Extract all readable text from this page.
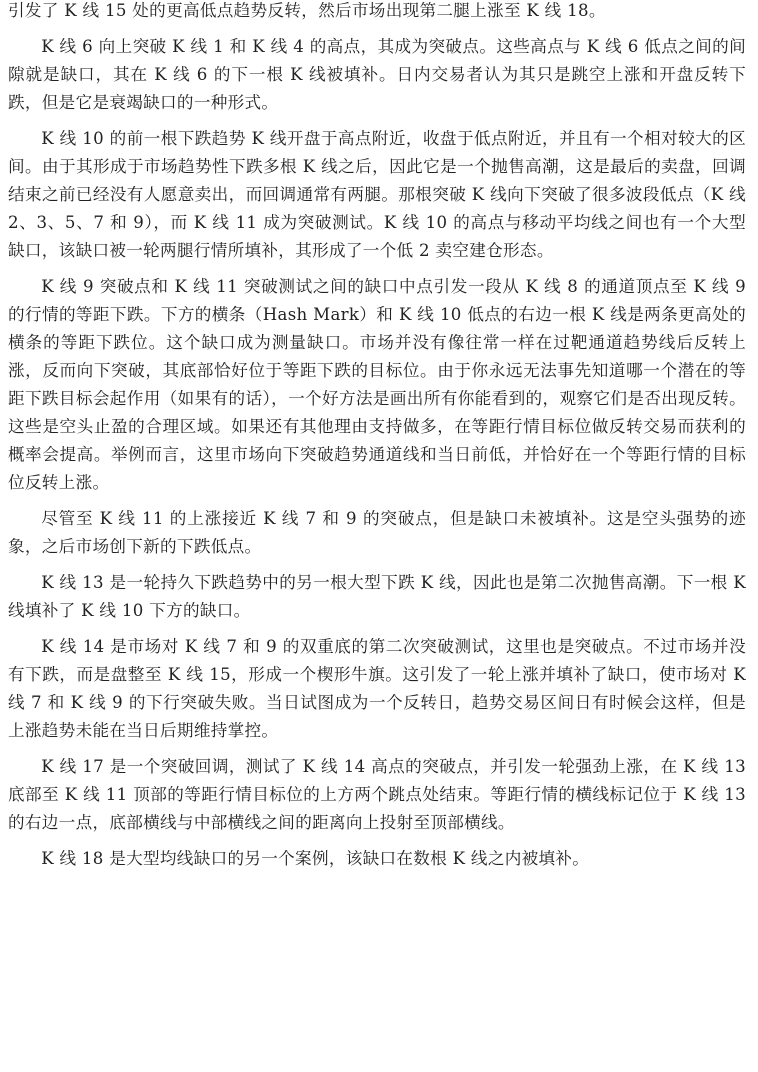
引发了 K 线 15 处的更高低点趋势反转，然后市场出现第二腿上涨至 K 线 18。

K 线 6 向上突破 K 线 1 和 K 线 4 的高点，其成为突破点。这些高点与 K 线 6 低点之间的间隙就是缺口，其在 K 线 6 的下一根 K 线被填补。日内交易者认为其只是跳空上涨和开盘反转下跌，但是它是衰竭缺口的一种形式。

K 线 10 的前一根下跌趋势 K 线开盘于高点附近，收盘于低点附近，并且有一个相对较大的区间。由于其形成于市场趋势性下跌多根 K 线之后，因此它是一个抛售高潮，这是最后的卖盘，回调结束之前已经没有人愿意卖出，而回调通常有两腿。那根突破 K 线向下突破了很多波段低点（K 线 2、3、5、7 和 9），而 K 线 11 成为突破测试。K 线 10 的高点与移动平均线之间也有一个大型缺口，该缺口被一轮两腿行情所填补，其形成了一个低 2 卖空建仓形态。

K 线 9 突破点和 K 线 11 突破测试之间的缺口中点引发一段从 K 线 8 的通道顶点至 K 线 9 的行情的等距下跌。下方的横条（Hash Mark）和 K 线 10 低点的右边一根 K 线是两条更高处的横条的等距下跌位。这个缺口成为测量缺口。市场并没有像往常一样在过靶通道趋势线后反转上涨，反而向下突破，其底部恰好位于等距下跌的目标位。由于你永远无法事先知道哪一个潜在的等距下跌目标会起作用（如果有的话），一个好方法是画出所有你能看到的，观察它们是否出现反转。这些是空头止盈的合理区域。如果还有其他理由支持做多，在等距行情目标位做反转交易而获利的概率会提高。举例而言，这里市场向下突破趋势通道线和当日前低，并恰好在一个等距行情的目标位反转上涨。

尽管至 K 线 11 的上涨接近 K 线 7 和 9 的突破点，但是缺口未被填补。这是空头强势的迹象，之后市场创下新的下跌低点。

K 线 13 是一轮持久下跌趋势中的另一根大型下跌 K 线，因此也是第二次抛售高潮。下一根 K 线填补了 K 线 10 下方的缺口。

K 线 14 是市场对 K 线 7 和 9 的双重底的第二次突破测试，这里也是突破点。不过市场并没有下跌，而是盘整至 K 线 15，形成一个楔形牛旗。这引发了一轮上涨并填补了缺口，使市场对 K 线 7 和 K 线 9 的下行突破失败。当日试图成为一个反转日，趋势交易区间日有时候会这样，但是上涨趋势未能在当日后期维持掌控。

K 线 17 是一个突破回调，测试了 K 线 14 高点的突破点，并引发一轮强劲上涨，在 K 线 13 底部至 K 线 11 顶部的等距行情目标位的上方两个跳点处结束。等距行情的横线标记位于 K 线 13 的右边一点，底部横线与中部横线之间的距离向上投射至顶部横线。

K 线 18 是大型均线缺口的另一个案例，该缺口在数根 K 线之内被填补。
